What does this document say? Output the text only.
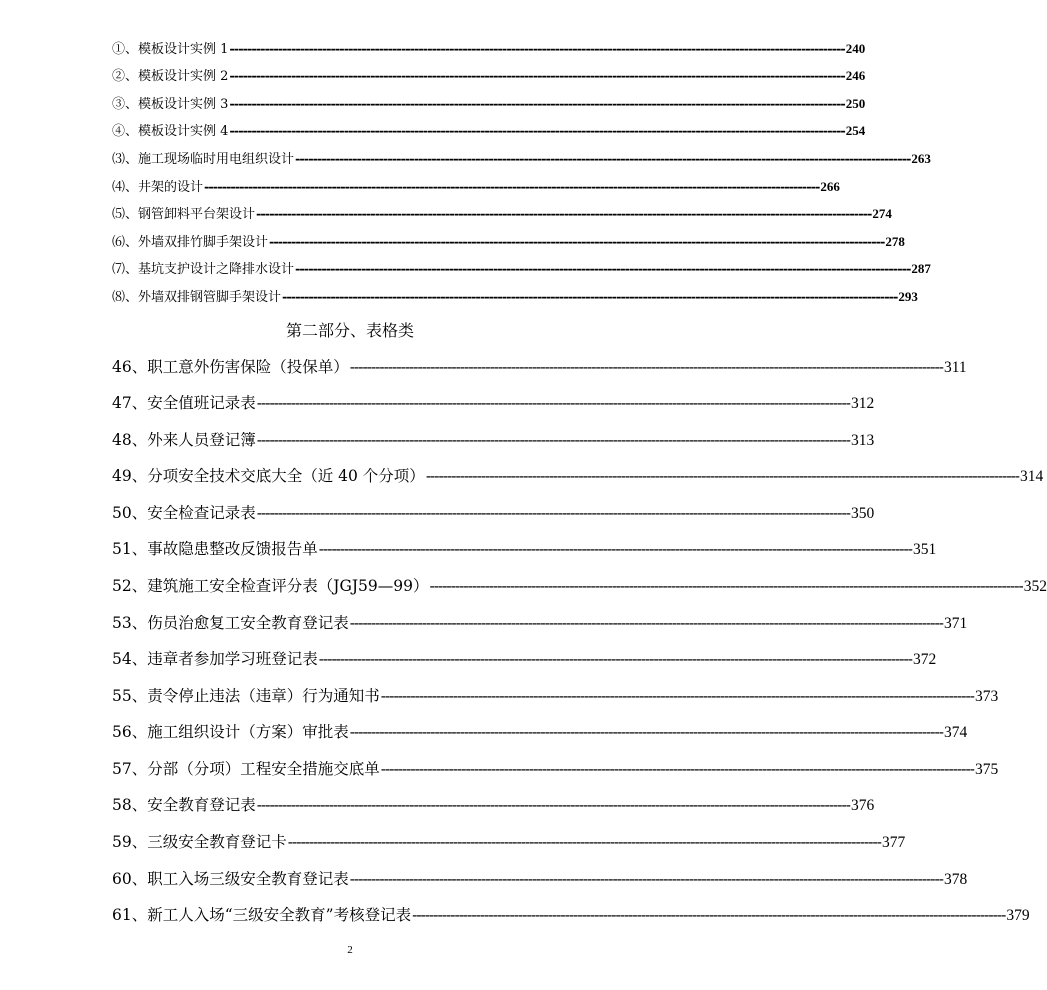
①、模板设计实例 1 -------------------------------------------------------------------------------------------------------------------------------------------- 240
②、模板设计实例 2 -------------------------------------------------------------------------------------------------------------------------------------------- 246
③、模板设计实例 3 -------------------------------------------------------------------------------------------------------------------------------------------- 250
④、模板设计实例 4 -------------------------------------------------------------------------------------------------------------------------------------------- 254
⑶、施工现场临时用电组织设计 -------------------------------------------------------------------------------------------------------------------------------------------- 263
⑷、井架的设计 -------------------------------------------------------------------------------------------------------------------------------------------- 266
⑸、钢管卸料平台架设计 -------------------------------------------------------------------------------------------------------------------------------------------- 274
⑹、外墙双排竹脚手架设计 -------------------------------------------------------------------------------------------------------------------------------------------- 278
⑺、基坑支护设计之降排水设计 -------------------------------------------------------------------------------------------------------------------------------------------- 287
⑻、外墙双排钢管脚手架设计 -------------------------------------------------------------------------------------------------------------------------------------------- 293
第二部分、表格类
46、职工意外伤害保险（投保单） -------------------------------------------------------------------------------------------------------------------------------------------- 311
47、安全值班记录表 -------------------------------------------------------------------------------------------------------------------------------------------- 312
48、外来人员登记簿 -------------------------------------------------------------------------------------------------------------------------------------------- 313
49、分项安全技术交底大全（近 40 个分项） -------------------------------------------------------------------------------------------------------------------------------------------- 314
50、安全检查记录表 -------------------------------------------------------------------------------------------------------------------------------------------- 350
51、事故隐患整改反馈报告单 -------------------------------------------------------------------------------------------------------------------------------------------- 351
52、建筑施工安全检查评分表（JGJ59—99） -------------------------------------------------------------------------------------------------------------------------------------------- 352
53、伤员治愈复工安全教育登记表 -------------------------------------------------------------------------------------------------------------------------------------------- 371
54、违章者参加学习班登记表 -------------------------------------------------------------------------------------------------------------------------------------------- 372
55、责令停止违法（违章）行为通知书 -------------------------------------------------------------------------------------------------------------------------------------------- 373
56、施工组织设计（方案）审批表 -------------------------------------------------------------------------------------------------------------------------------------------- 374
57、分部（分项）工程安全措施交底单 -------------------------------------------------------------------------------------------------------------------------------------------- 375
58、安全教育登记表 -------------------------------------------------------------------------------------------------------------------------------------------- 376
59、三级安全教育登记卡 -------------------------------------------------------------------------------------------------------------------------------------------- 377
60、职工入场三级安全教育登记表 -------------------------------------------------------------------------------------------------------------------------------------------- 378
61、新工人入场“三级安全教育”考核登记表 -------------------------------------------------------------------------------------------------------------------------------------------- 379
2
